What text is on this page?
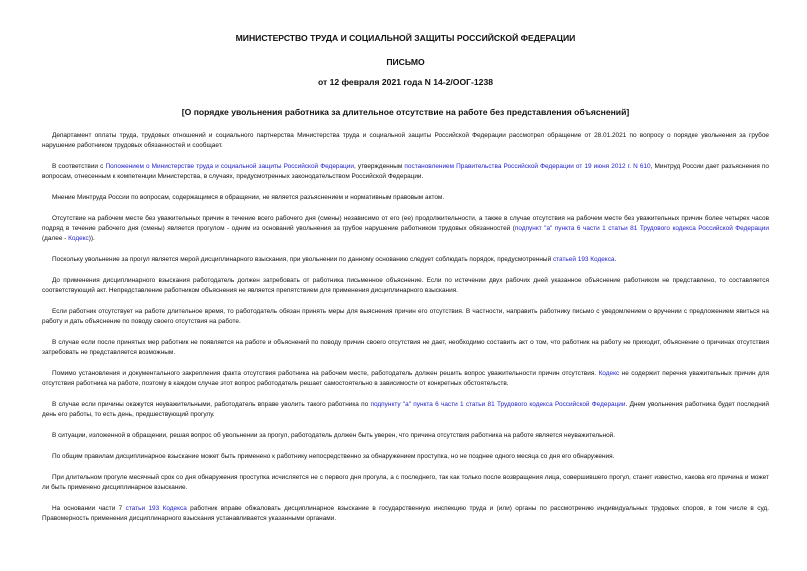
МИНИСТЕРСТВО ТРУДА И СОЦИАЛЬНОЙ ЗАЩИТЫ РОССИЙСКОЙ ФЕДЕРАЦИИ
ПИСЬМО
от 12 февраля 2021 года N 14-2/ООГ-1238
[О порядке увольнения работника за длительное отсутствие на работе без представления объяснений]

Департамент оплаты труда, трудовых отношений и социального партнерства Министерства труда и социальной защиты Российской Федерации рассмотрел обращение от 28.01.2021 по вопросу о порядке увольнения за грубое нарушение работником трудовых обязанностей и сообщает.

В соответствии с Положением о Министерстве труда и социальной защиты Российской Федерации, утвержденным постановлением Правительства Российской Федерации от 19 июня 2012 г. N 610, Минтруд России дает разъяснения по вопросам, отнесенным к компетенции Министерства, в случаях, предусмотренных законодательством Российской Федерации.

Мнение Минтруда России по вопросам, содержащимся в обращении, не является разъяснением и нормативным правовым актом.

Отсутствие на рабочем месте без уважительных причин в течение всего рабочего дня (смены) независимо от его (ее) продолжительности, а также в случае отсутствия на рабочем месте без уважительных причин более четырех часов подряд в течение рабочего дня (смены) является прогулом - одним из оснований увольнения за грубое нарушение работником трудовых обязанностей (подпункт "а" пункта 6 части 1 статьи 81 Трудового кодекса Российской Федерации (далее - Кодекс)).

Поскольку увольнение за прогул является мерой дисциплинарного взыскания, при увольнении по данному основанию следует соблюдать порядок, предусмотренный статьей 193 Кодекса.

До применения дисциплинарного взыскания работодатель должен затребовать от работника письменное объяснение. Если по истечении двух рабочих дней указанное объяснение работником не представлено, то составляется соответствующий акт. Непредставление работником объяснения не является препятствием для применения дисциплинарного взыскания.

Если работник отсутствует на работе длительное время, то работодатель обязан принять меры для выяснения причин его отсутствия. В частности, направить работнику письмо с уведомлением о вручении с предложением явиться на работу и дать объяснение по поводу своего отсутствия на работе.

В случае если после принятых мер работник не появляется на работе и объяснений по поводу причин своего отсутствия не дает, необходимо составить акт о том, что работник на работу не приходит, объяснение о причинах отсутствия затребовать не представляется возможным.

Помимо установления и документального закрепления факта отсутствия работника на рабочем месте, работодатель должен решить вопрос уважительности причин отсутствия. Кодекс не содержит перечня уважительных причин для отсутствия работника на работе, поэтому в каждом случае этот вопрос работодатель решает самостоятельно в зависимости от конкретных обстоятельств.

В случае если причины окажутся неуважительными, работодатель вправе уволить такого работника по подпункту "а" пункта 6 части 1 статьи 81 Трудового кодекса Российской Федерации. Днем увольнения работника будет последний день его работы, то есть день, предшествующий прогулу.

В ситуации, изложенной в обращении, решая вопрос об увольнении за прогул, работодатель должен быть уверен, что причина отсутствия работника на работе является неуважительной.

По общим правилам дисциплинарное взыскание может быть применено к работнику непосредственно за обнаружением проступка, но не позднее одного месяца со дня его обнаружения.

При длительном прогуле месячный срок со дня обнаружения проступка исчисляется не с первого дня прогула, а с последнего, так как только после возвращения лица, совершившего прогул, станет известно, какова его причина и может ли быть применено дисциплинарное взыскание.

На основании части 7 статьи 193 Кодекса работник вправе обжаловать дисциплинарное взыскание в государственную инспекцию труда и (или) органы по рассмотрению индивидуальных трудовых споров, в том числе в суд. Правомерность применения дисциплинарного взыскания устанавливается указанными органами.
